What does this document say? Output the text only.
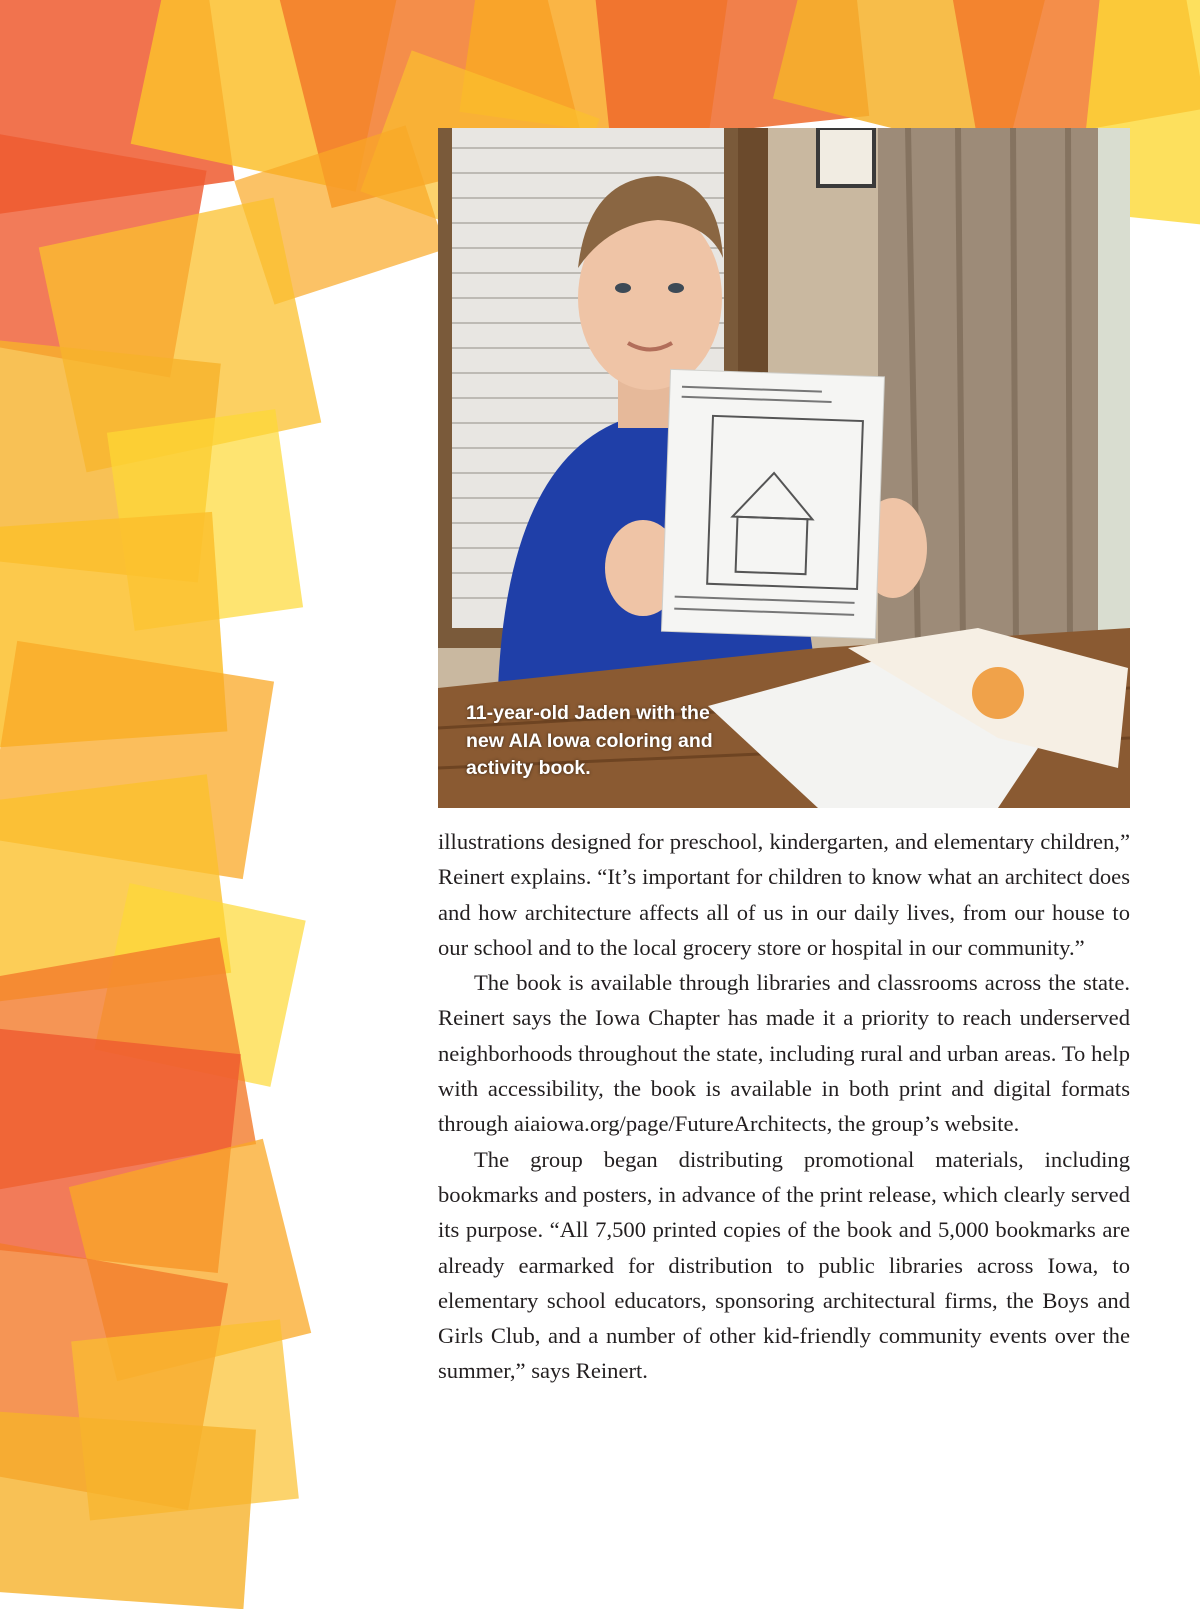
11-year-old Jaden with the new AIA Iowa coloring and activity book.

illustrations designed for preschool, kindergarten, and elementary children,” Reinert explains. “It’s important for children to know what an architect does and how architecture affects all of us in our daily lives, from our house to our school and to the local grocery store or hospital in our community.”

The book is available through libraries and classrooms across the state. Reinert says the Iowa Chapter has made it a priority to reach underserved neighborhoods throughout the state, including rural and urban areas. To help with accessibility, the book is available in both print and digital formats through aiaiowa.org/page/FutureArchitects, the group’s website.

The group began distributing promotional materials, including bookmarks and posters, in advance of the print release, which clearly served its purpose. “All 7,500 printed copies of the book and 5,000 bookmarks are already earmarked for distribution to public libraries across Iowa, to elementary school educators, sponsoring architectural firms, the Boys and Girls Club, and a number of other kid-friendly community events over the summer,” says Reinert.
